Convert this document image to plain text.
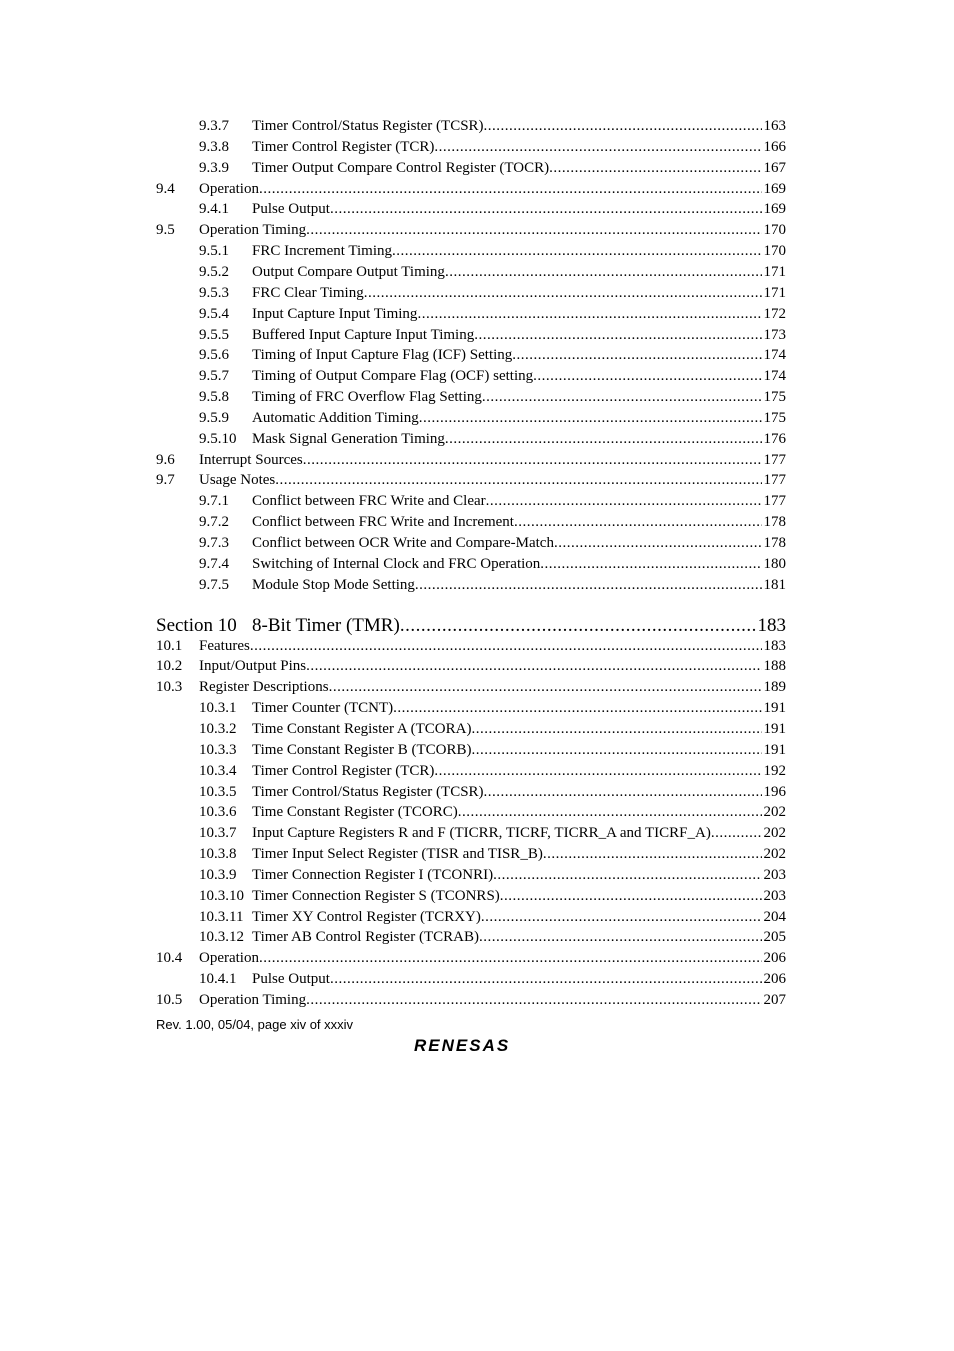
9.3.7 Timer Control/Status Register (TCSR) .....	163
9.3.8 Timer Control Register (TCR) .....	166
9.3.9 Timer Output Compare Control Register (TOCR) .....	167
9.4 Operation .....	169
9.4.1 Pulse Output .....	169
9.5 Operation Timing .....	170
9.5.1 FRC Increment Timing .....	170
9.5.2 Output Compare Output Timing .....	171
9.5.3 FRC Clear Timing .....	171
9.5.4 Input Capture Input Timing .....	172
9.5.5 Buffered Input Capture Input Timing .....	173
9.5.6 Timing of Input Capture Flag (ICF) Setting .....	174
9.5.7 Timing of Output Compare Flag (OCF) setting .....	174
9.5.8 Timing of FRC Overflow Flag Setting .....	175
9.5.9 Automatic Addition Timing .....	175
9.5.10 Mask Signal Generation Timing .....	176
9.6 Interrupt Sources .....	177
9.7 Usage Notes .....	177
9.7.1 Conflict between FRC Write and Clear .....	177
9.7.2 Conflict between FRC Write and Increment .....	178
9.7.3 Conflict between OCR Write and Compare-Match .....	178
9.7.4 Switching of Internal Clock and FRC Operation .....	180
9.7.5 Module Stop Mode Setting .....	181
Section 10 8-Bit Timer (TMR) .....	183
10.1 Features .....	183
10.2 Input/Output Pins .....	188
10.3 Register Descriptions .....	189
10.3.1 Timer Counter (TCNT) .....	191
10.3.2 Time Constant Register A (TCORA) .....	191
10.3.3 Time Constant Register B (TCORB) .....	191
10.3.4 Timer Control Register (TCR) .....	192
10.3.5 Timer Control/Status Register (TCSR) .....	196
10.3.6 Time Constant Register (TCORC) .....	202
10.3.7 Input Capture Registers R and F (TICRR, TICRF, TICRR_A and TICRF_A) .....	202
10.3.8 Timer Input Select Register (TISR and TISR_B) .....	202
10.3.9 Timer Connection Register I (TCONRI) .....	203
10.3.10 Timer Connection Register S (TCONRS) .....	203
10.3.11 Timer XY Control Register (TCRXY) .....	204
10.3.12 Timer AB Control Register (TCRAB) .....	205
10.4 Operation .....	206
10.4.1 Pulse Output .....	206
10.5 Operation Timing .....	207
Rev. 1.00, 05/04, page xiv of xxxiv
RENESAS
